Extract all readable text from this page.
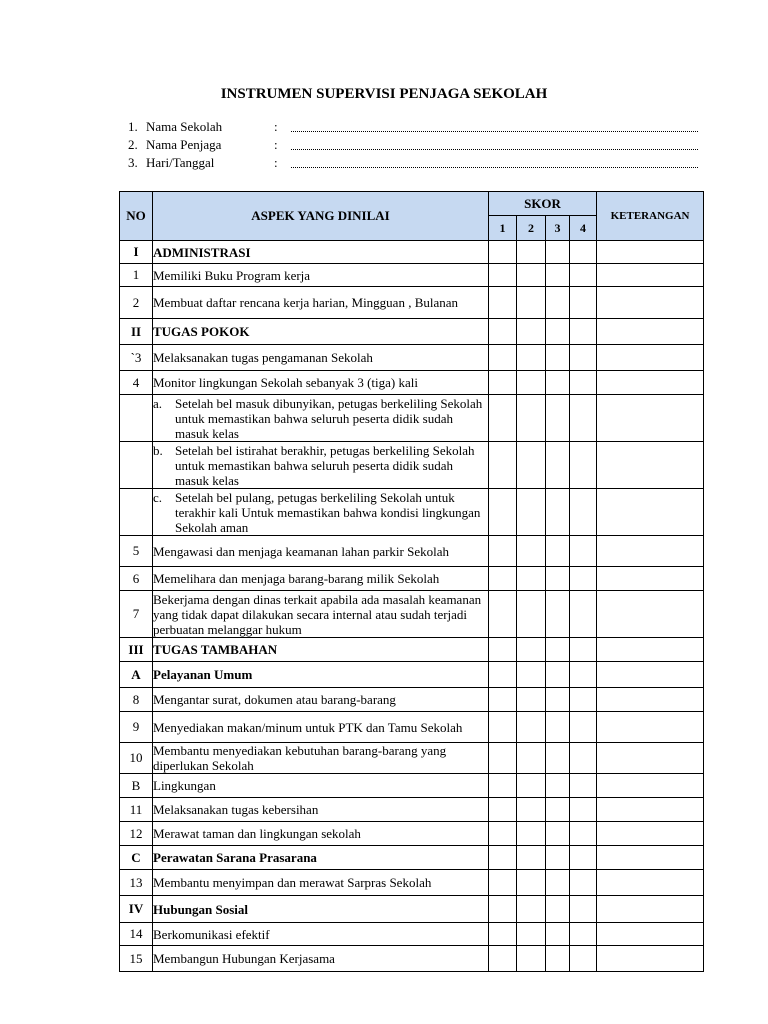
INSTRUMEN SUPERVISI PENJAGA SEKOLAH
1. Nama Sekolah	:
2. Nama Penjaga	:
3. Hari/Tanggal	:
NO	ASPEK YANG DINILAI	SKOR				KETERANGAN
		1	2	3	4	
I	ADMINISTRASI					
1	Memiliki Buku Program kerja					
2	Membuat daftar rencana kerja harian, Mingguan , Bulanan					
II	TUGAS POKOK					
`3	Melaksanakan tugas pengamanan Sekolah					
4	Monitor lingkungan Sekolah sebanyak 3 (tiga) kali					

	a. Setelah bel masuk dibunyikan, petugas berkeliling Sekolah untuk memastikan bahwa seluruh peserta didik sudah masuk kelas					

	b. Setelah bel istirahat berakhir, petugas berkeliling Sekolah untuk memastikan bahwa seluruh peserta didik sudah masuk kelas					

	c. Setelah bel pulang, petugas berkeliling Sekolah untuk terakhir kali Untuk memastikan bahwa kondisi lingkungan Sekolah aman					

5	Mengawasi dan menjaga keamanan lahan parkir Sekolah					
6	Memelihara dan menjaga barang-barang milik Sekolah					
7	Bekerjama dengan dinas terkait apabila ada masalah keamanan yang tidak dapat dilakukan secara internal atau sudah terjadi perbuatan melanggar hukum					
III	TUGAS TAMBAHAN					
A	Pelayanan Umum					
8	Mengantar surat, dokumen atau barang-barang					
9	Menyediakan makan/minum untuk PTK dan Tamu Sekolah					
10	Membantu menyediakan kebutuhan barang-barang yang diperlukan Sekolah					
B	Lingkungan					
11	Melaksanakan tugas kebersihan					
12	Merawat taman dan lingkungan sekolah					
C	Perawatan Sarana Prasarana					
13	Membantu menyimpan dan merawat Sarpras Sekolah					
IV	Hubungan Sosial					
14	Berkomunikasi efektif					
15	Membangun Hubungan Kerjasama					
